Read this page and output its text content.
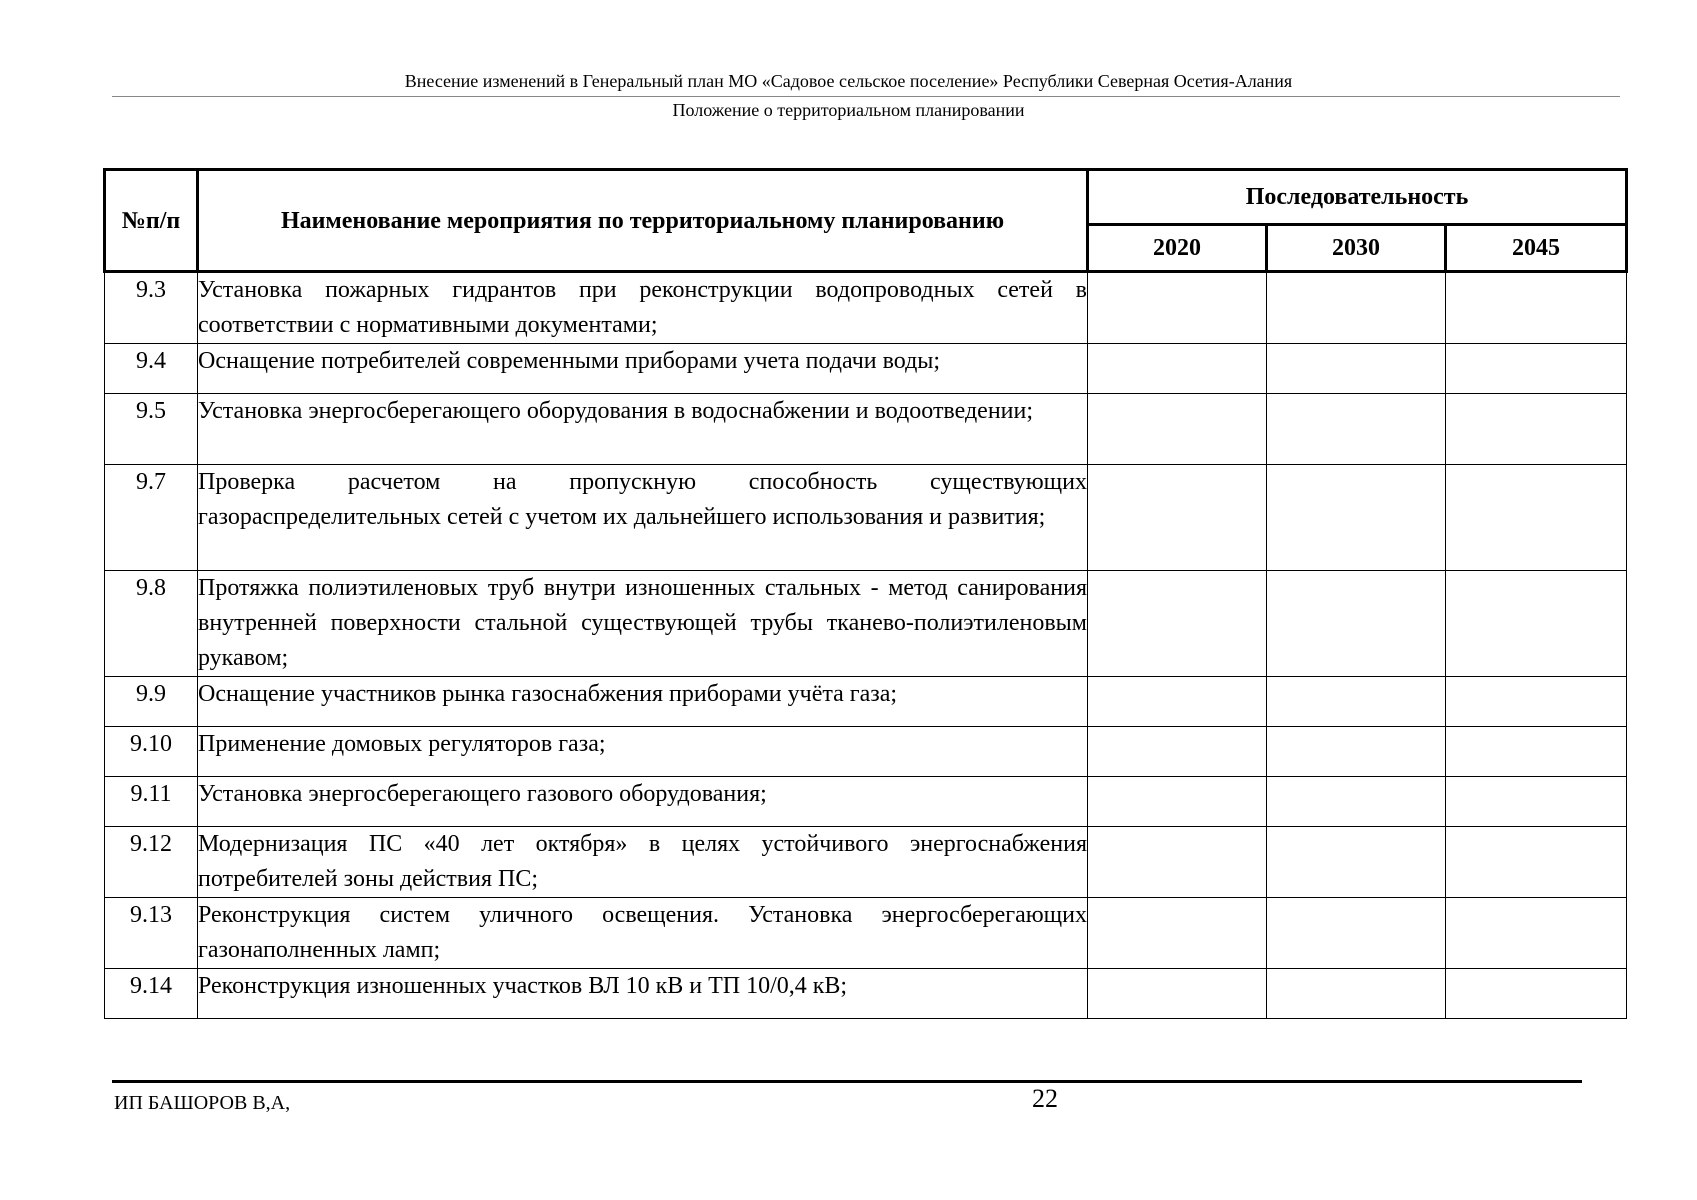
Внесение изменений в Генеральный план МО «Садовое сельское поселение» Республики Северная Осетия-Алания
Положение о территориальном планировании
№п/п	Наименование мероприятия по территориальному планированию	Последовательность		
		2020	2030	2045
9.3	Установка пожарных гидрантов при реконструкции водопроводных сетей в соответствии с нормативными документами;			
9.4	Оснащение потребителей современными приборами учета подачи воды;			
9.5	Установка энергосберегающего оборудования в водоснабжении и водоотведении;			
9.7	Проверка расчетом на пропускную способность существующих газораспределительных сетей с учетом их дальнейшего использования и развития;			
9.8	Протяжка полиэтиленовых труб внутри изношенных стальных - метод санирования внутренней поверхности стальной существующей трубы тканево-полиэтиленовым рукавом;			
9.9	Оснащение участников рынка газоснабжения приборами учёта газа;			
9.10	Применение домовых регуляторов газа;			
9.11	Установка энергосберегающего газового оборудования;			
9.12	Модернизация ПС «40 лет октября» в целях устойчивого энергоснабжения потребителей зоны действия ПС;			
9.13	Реконструкция систем уличного освещения. Установка энергосберегающих газонаполненных ламп;			
9.14	Реконструкция изношенных участков ВЛ 10 кВ и ТП 10/0,4 кВ;			
ИП БАШОРОВ В,А,	22
